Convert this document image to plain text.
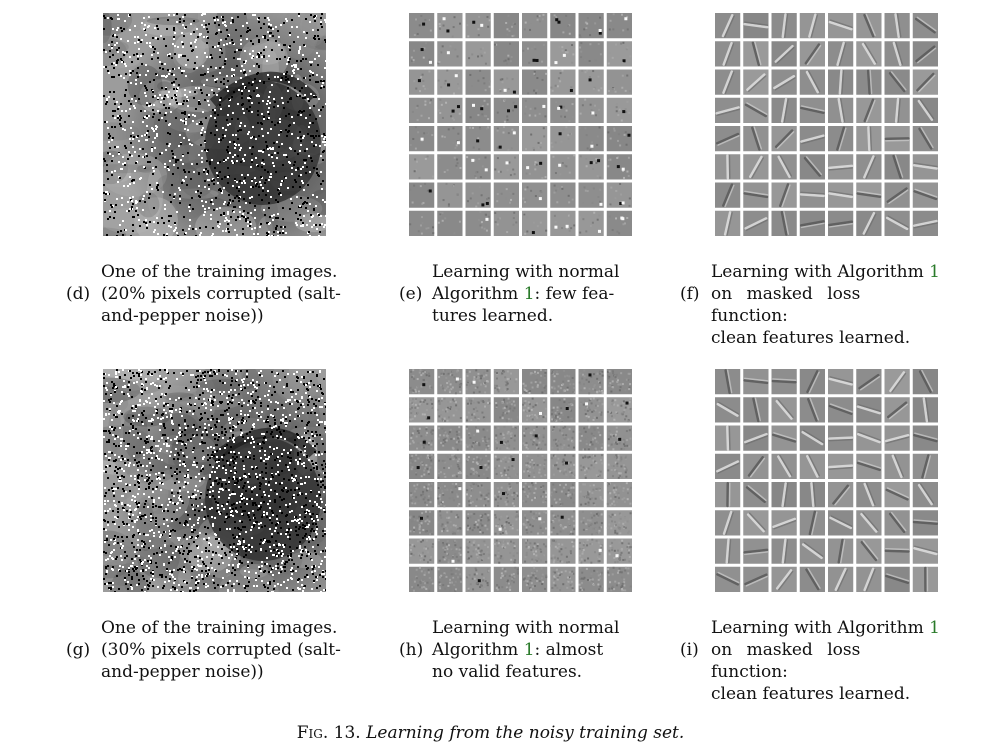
(d)
One of the training images.
(20% pixels corrupted (salt-
and-pepper noise))
(e)
Learning with normal
Algorithm 1: few fea-
tures learned.
(f)
Learning with Algorithm 1
on masked loss function:
clean features learned.
(g)
One of the training images.
(30% pixels corrupted (salt-
and-pepper noise))
(h)
Learning with normal
Algorithm 1: almost
no valid features.
(i)
Learning with Algorithm 1
on masked loss function:
clean features learned.
Fig. 13. Learning from the noisy training set.
